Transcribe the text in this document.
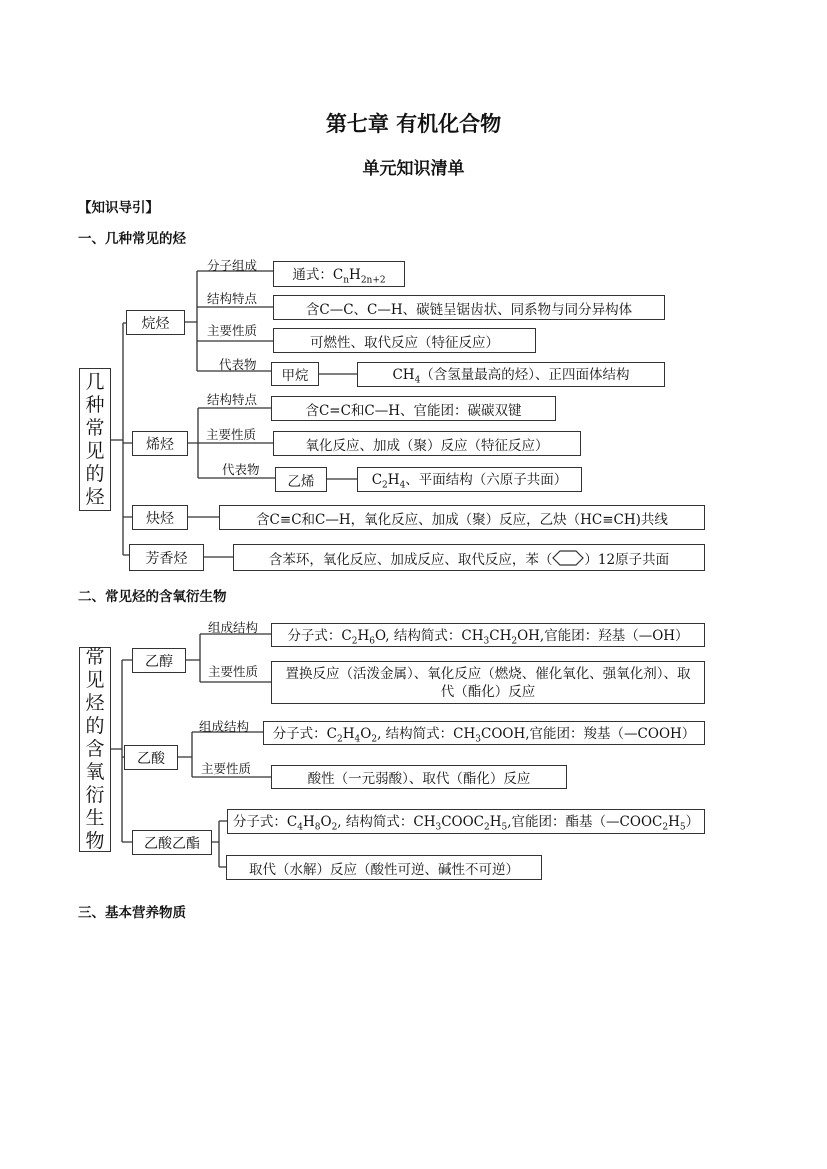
第七章 有机化合物
单元知识清单
【知识导引】
一、几种常见的烃
二、常见烃的含氧衍生物
三、基本营养物质
几种常见的烃
烷烃
分子组成
通式：$C_nH_{2n+2}$
结构特点
含C—C、C—H、碳链呈锯齿状、同系物与同分异构体
主要性质
可燃性、取代反应（特征反应）
代表物
甲烷	$CH_4$（含氢量最高的烃）、正四面体结构
烯烃
结构特点
含C=C和C—H、官能团：碳碳双键
主要性质
氧化反应、加成（聚）反应（特征反应）
代表物
乙烯	$C_2H_4$、平面结构（六原子共面）
炔烃	含C≡C和C—H，氧化反应、加成（聚）反应，乙炔（HC≡CH)共线
芳香烃	含苯环，氧化反应、加成反应、取代反应，苯（ ）12原子共面
常见烃的含氧衍生物
乙醇
组成结构
分子式：$C_2H_6O$, 结构简式：$CH_3CH_2OH$,官能团：羟基（—OH）
主要性质	置换反应（活泼金属）、氧化反应（燃烧、催化氧化、强氧化剂）、取代（酯化）反应
乙酸
组成结构 分子式：$C_2H_4O_2$, 结构简式：$CH_3COOH$,官能团：羧基（—COOH）
主要性质
酸性（一元弱酸）、取代（酯化）反应
乙酸乙酯
分子式：$C_4H_8O_2$, 结构简式：$CH_3COOC_2H_5$,官能团：酯基$(—COOC_2H_5)$
取代（水解）反应（酸性可逆、碱性不可逆）
